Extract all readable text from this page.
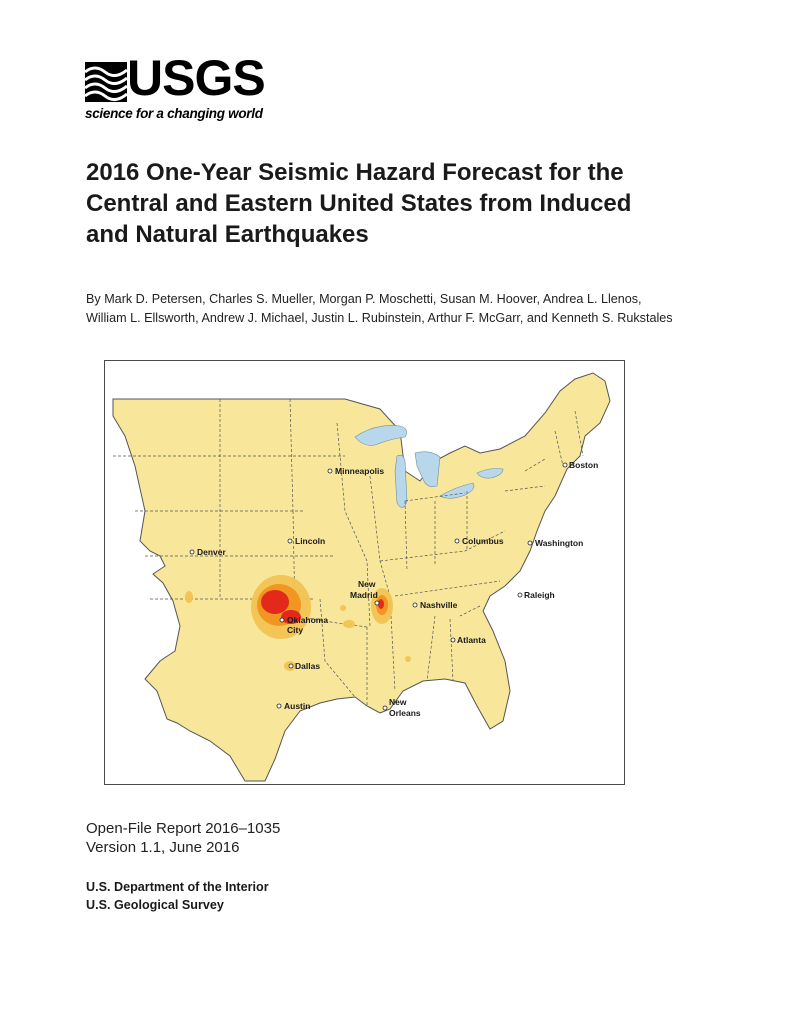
USGS
science for a changing world
2016 One-Year Seismic Hazard Forecast for the
Central and Eastern United States from Induced
and Natural Earthquakes
By Mark D. Petersen, Charles S. Mueller, Morgan P. Moschetti, Susan M. Hoover, Andrea L. Llenos,
William L. Ellsworth, Andrew J. Michael, Justin L. Rubinstein, Arthur F. McGarr, and Kenneth S. Rukstales
Minneapolis
Boston
Lincoln
Denver
Columbus	Washington
New
Madrid
Nashville
Raleigh
Oklahoma
City
Atlanta
Dallas
Austin	New
Orleans
Open-File Report 2016–1035
Version 1.1, June 2016
U.S. Department of the Interior
U.S. Geological Survey
